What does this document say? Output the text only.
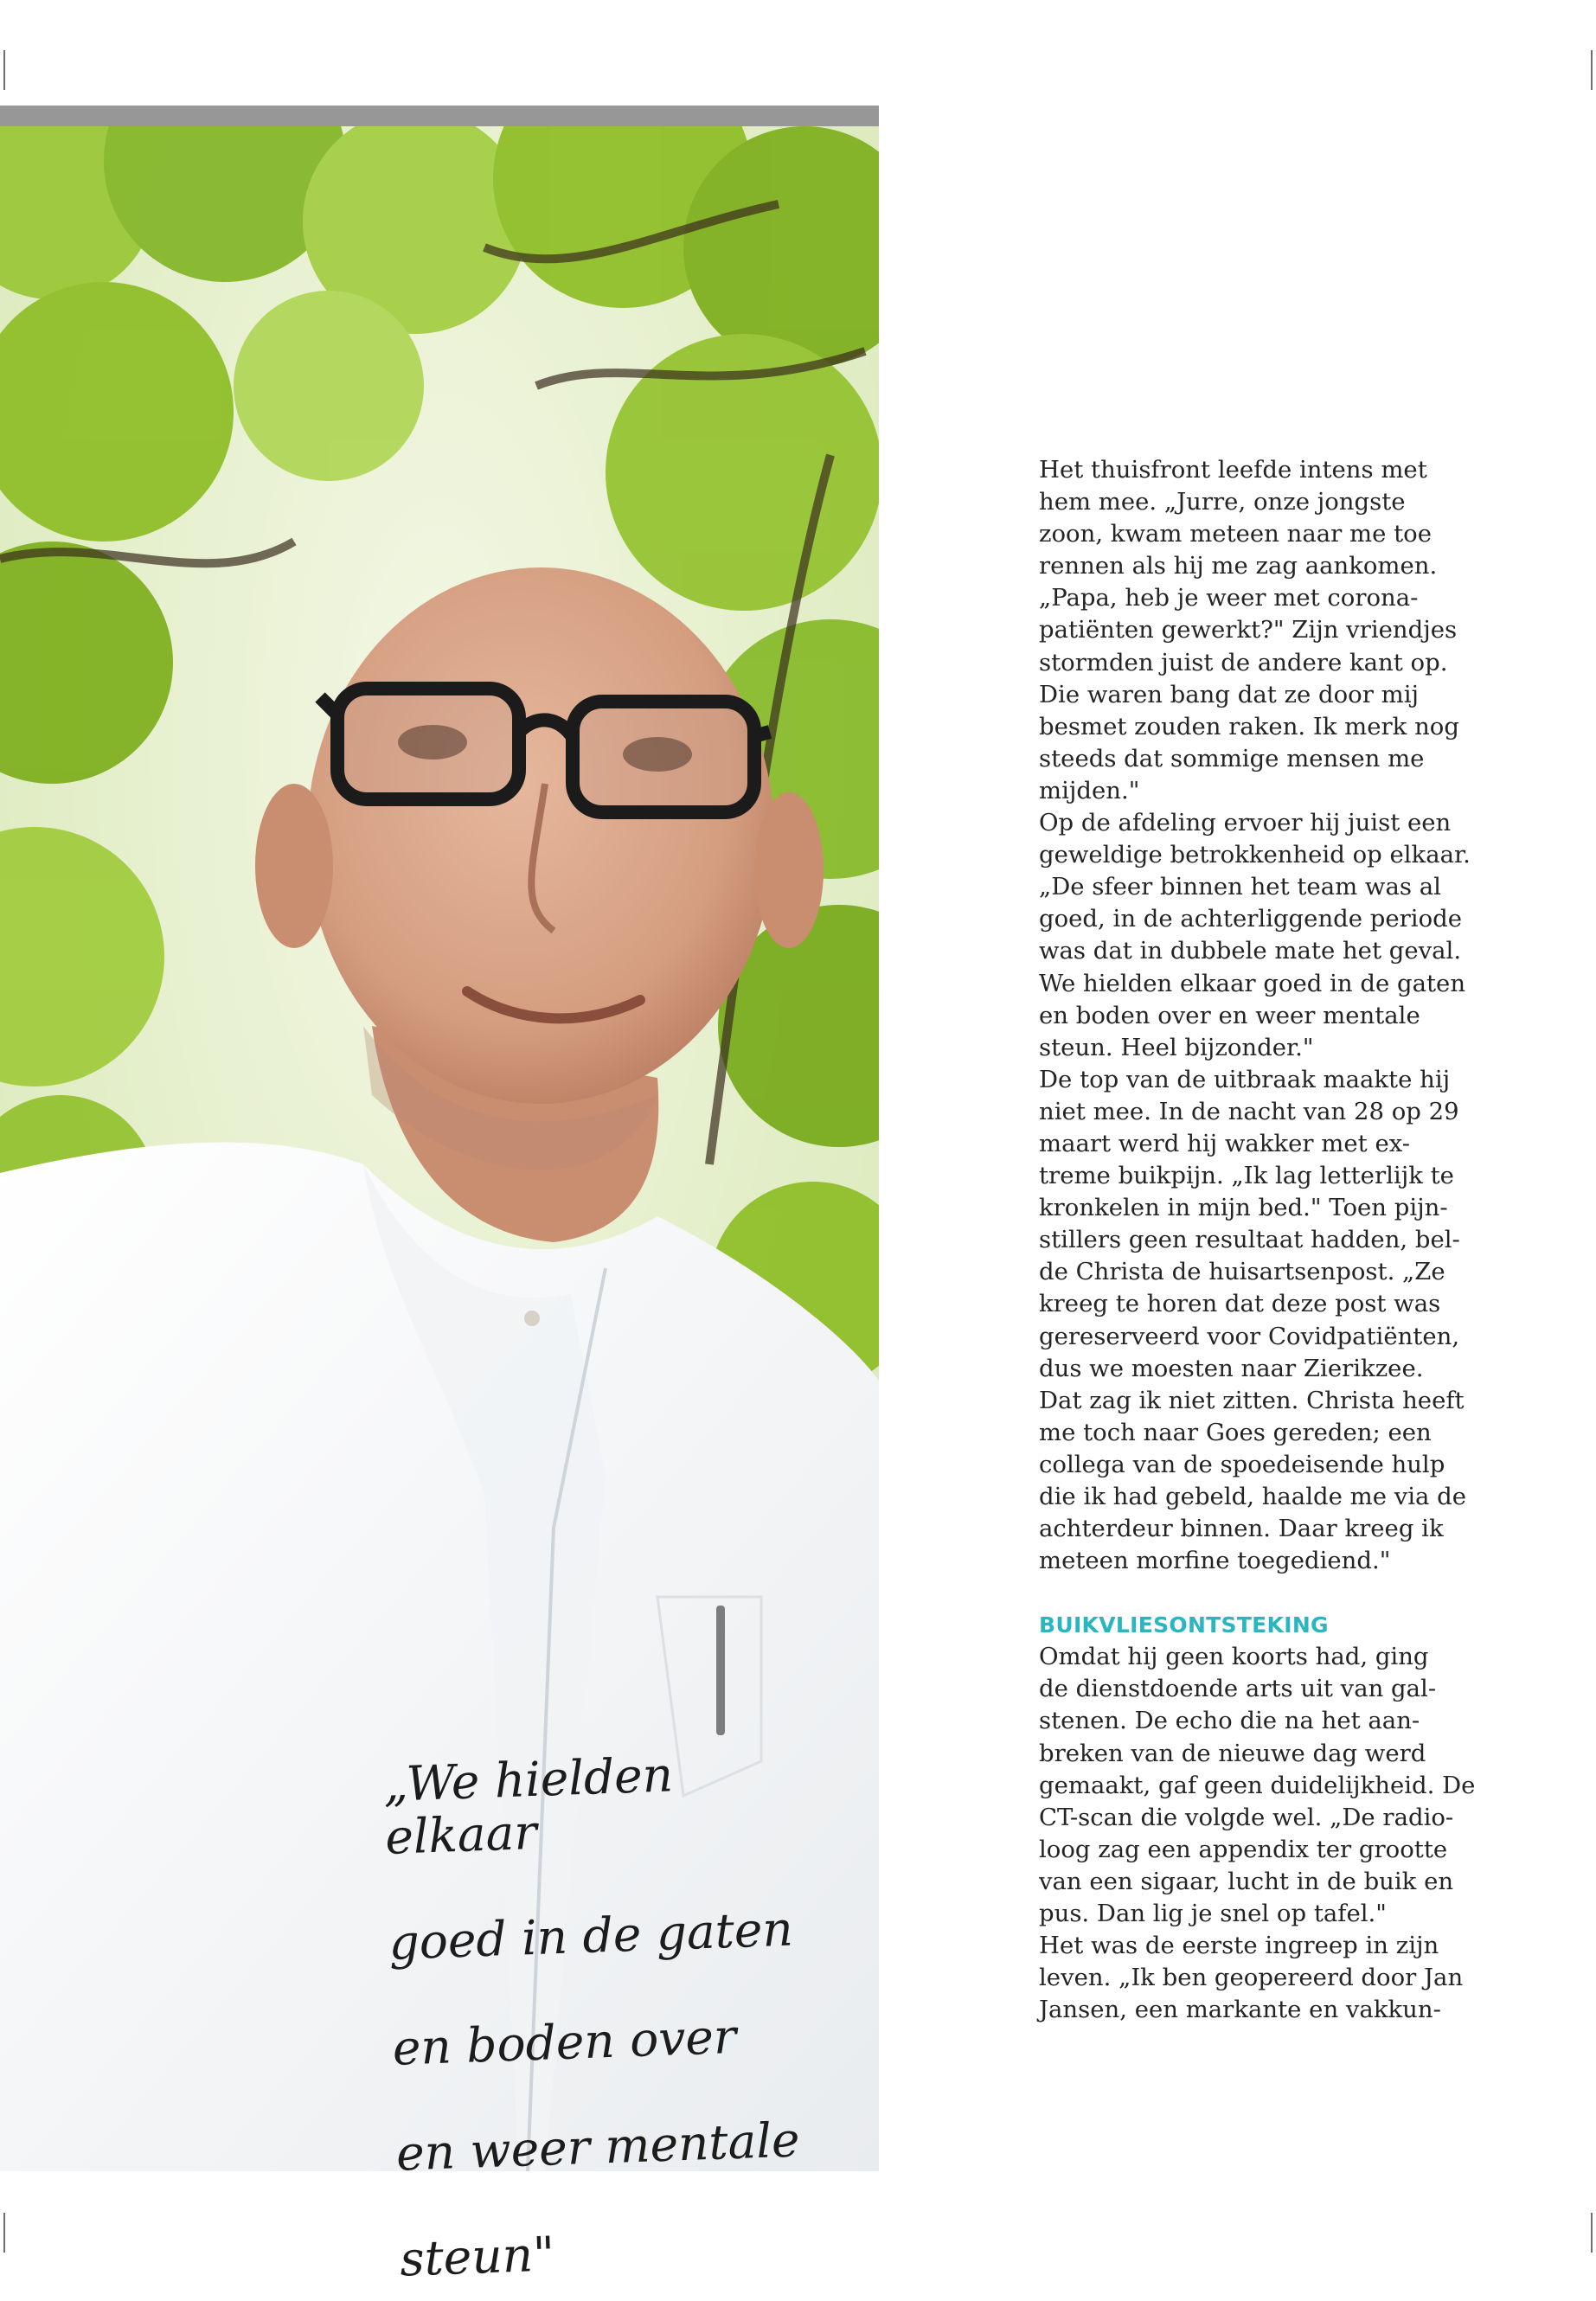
„We hielden elkaar

goed in de gaten

en boden over

en weer mentale

steun"

Het thuisfront leefde intens met
hem mee. „Jurre, onze jongste
zoon, kwam meteen naar me toe
rennen als hij me zag aankomen.
„Papa, heb je weer met corona-
patiënten gewerkt?" Zijn vriendjes
stormden juist de andere kant op.
Die waren bang dat ze door mij
besmet zouden raken. Ik merk nog
steeds dat sommige mensen me
mijden."

Op de afdeling ervoer hij juist een
geweldige betrokkenheid op elkaar.
„De sfeer binnen het team was al
goed, in de achterliggende periode
was dat in dubbele mate het geval.
We hielden elkaar goed in de gaten
en boden over en weer mentale
steun. Heel bijzonder."

De top van de uitbraak maakte hij
niet mee. In de nacht van 28 op 29
maart werd hij wakker met ex-
treme buikpijn. „Ik lag letterlijk te
kronkelen in mijn bed." Toen pijn-
stillers geen resultaat hadden, bel-
de Christa de huisartsenpost. „Ze
kreeg te horen dat deze post was
gereserveerd voor Covidpatiënten,
dus we moesten naar Zierikzee.
Dat zag ik niet zitten. Christa heeft
me toch naar Goes gereden; een
collega van de spoedeisende hulp
die ik had gebeld, haalde me via de
achterdeur binnen. Daar kreeg ik
meteen morfine toegediend."

BUIKVLIESONTSTEKING

Omdat hij geen koorts had, ging
de dienstdoende arts uit van gal-
stenen. De echo die na het aan-
breken van de nieuwe dag werd
gemaakt, gaf geen duidelijkheid. De
CT-scan die volgde wel. „De radio-
loog zag een appendix ter grootte
van een sigaar, lucht in de buik en
pus. Dan lig je snel op tafel."

Het was de eerste ingreep in zijn
leven. „Ik ben geopereerd door Jan
Jansen, een markante en vakkun-
